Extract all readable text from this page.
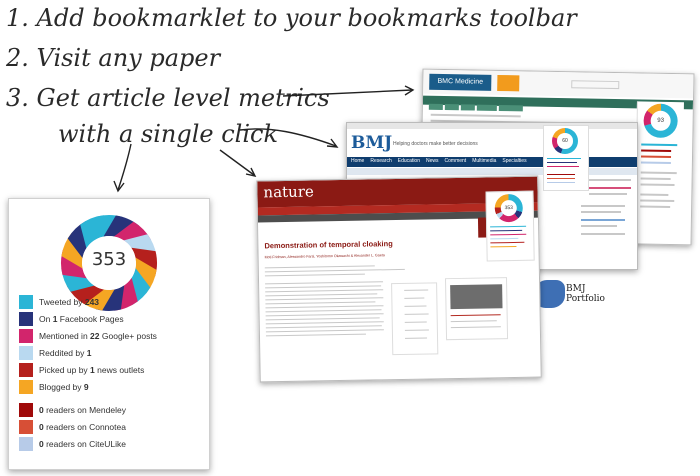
1. Add bookmarklet to your bookmarks toolbar
2. Visit any paper
3. Get article level metrics
with a single click
BMC Medicine
93
BMJ Helping doctors make better decisions
Home Research Education News Comment Multimedia Specialties
60
BMJ Portfolio
nature
Demonstration of temporal cloaking
Moti Fridman, Alessandro Farsi, Yoshitomo Okawachi & Alexander L. Gaeta
353
353
Tweeted by 243
On 1 Facebook Pages
Mentioned in 22 Google+ posts
Reddited by 1
Picked up by 1 news outlets
Blogged by 9
0 readers on Mendeley
0 readers on Connotea
0 readers on CiteULike
